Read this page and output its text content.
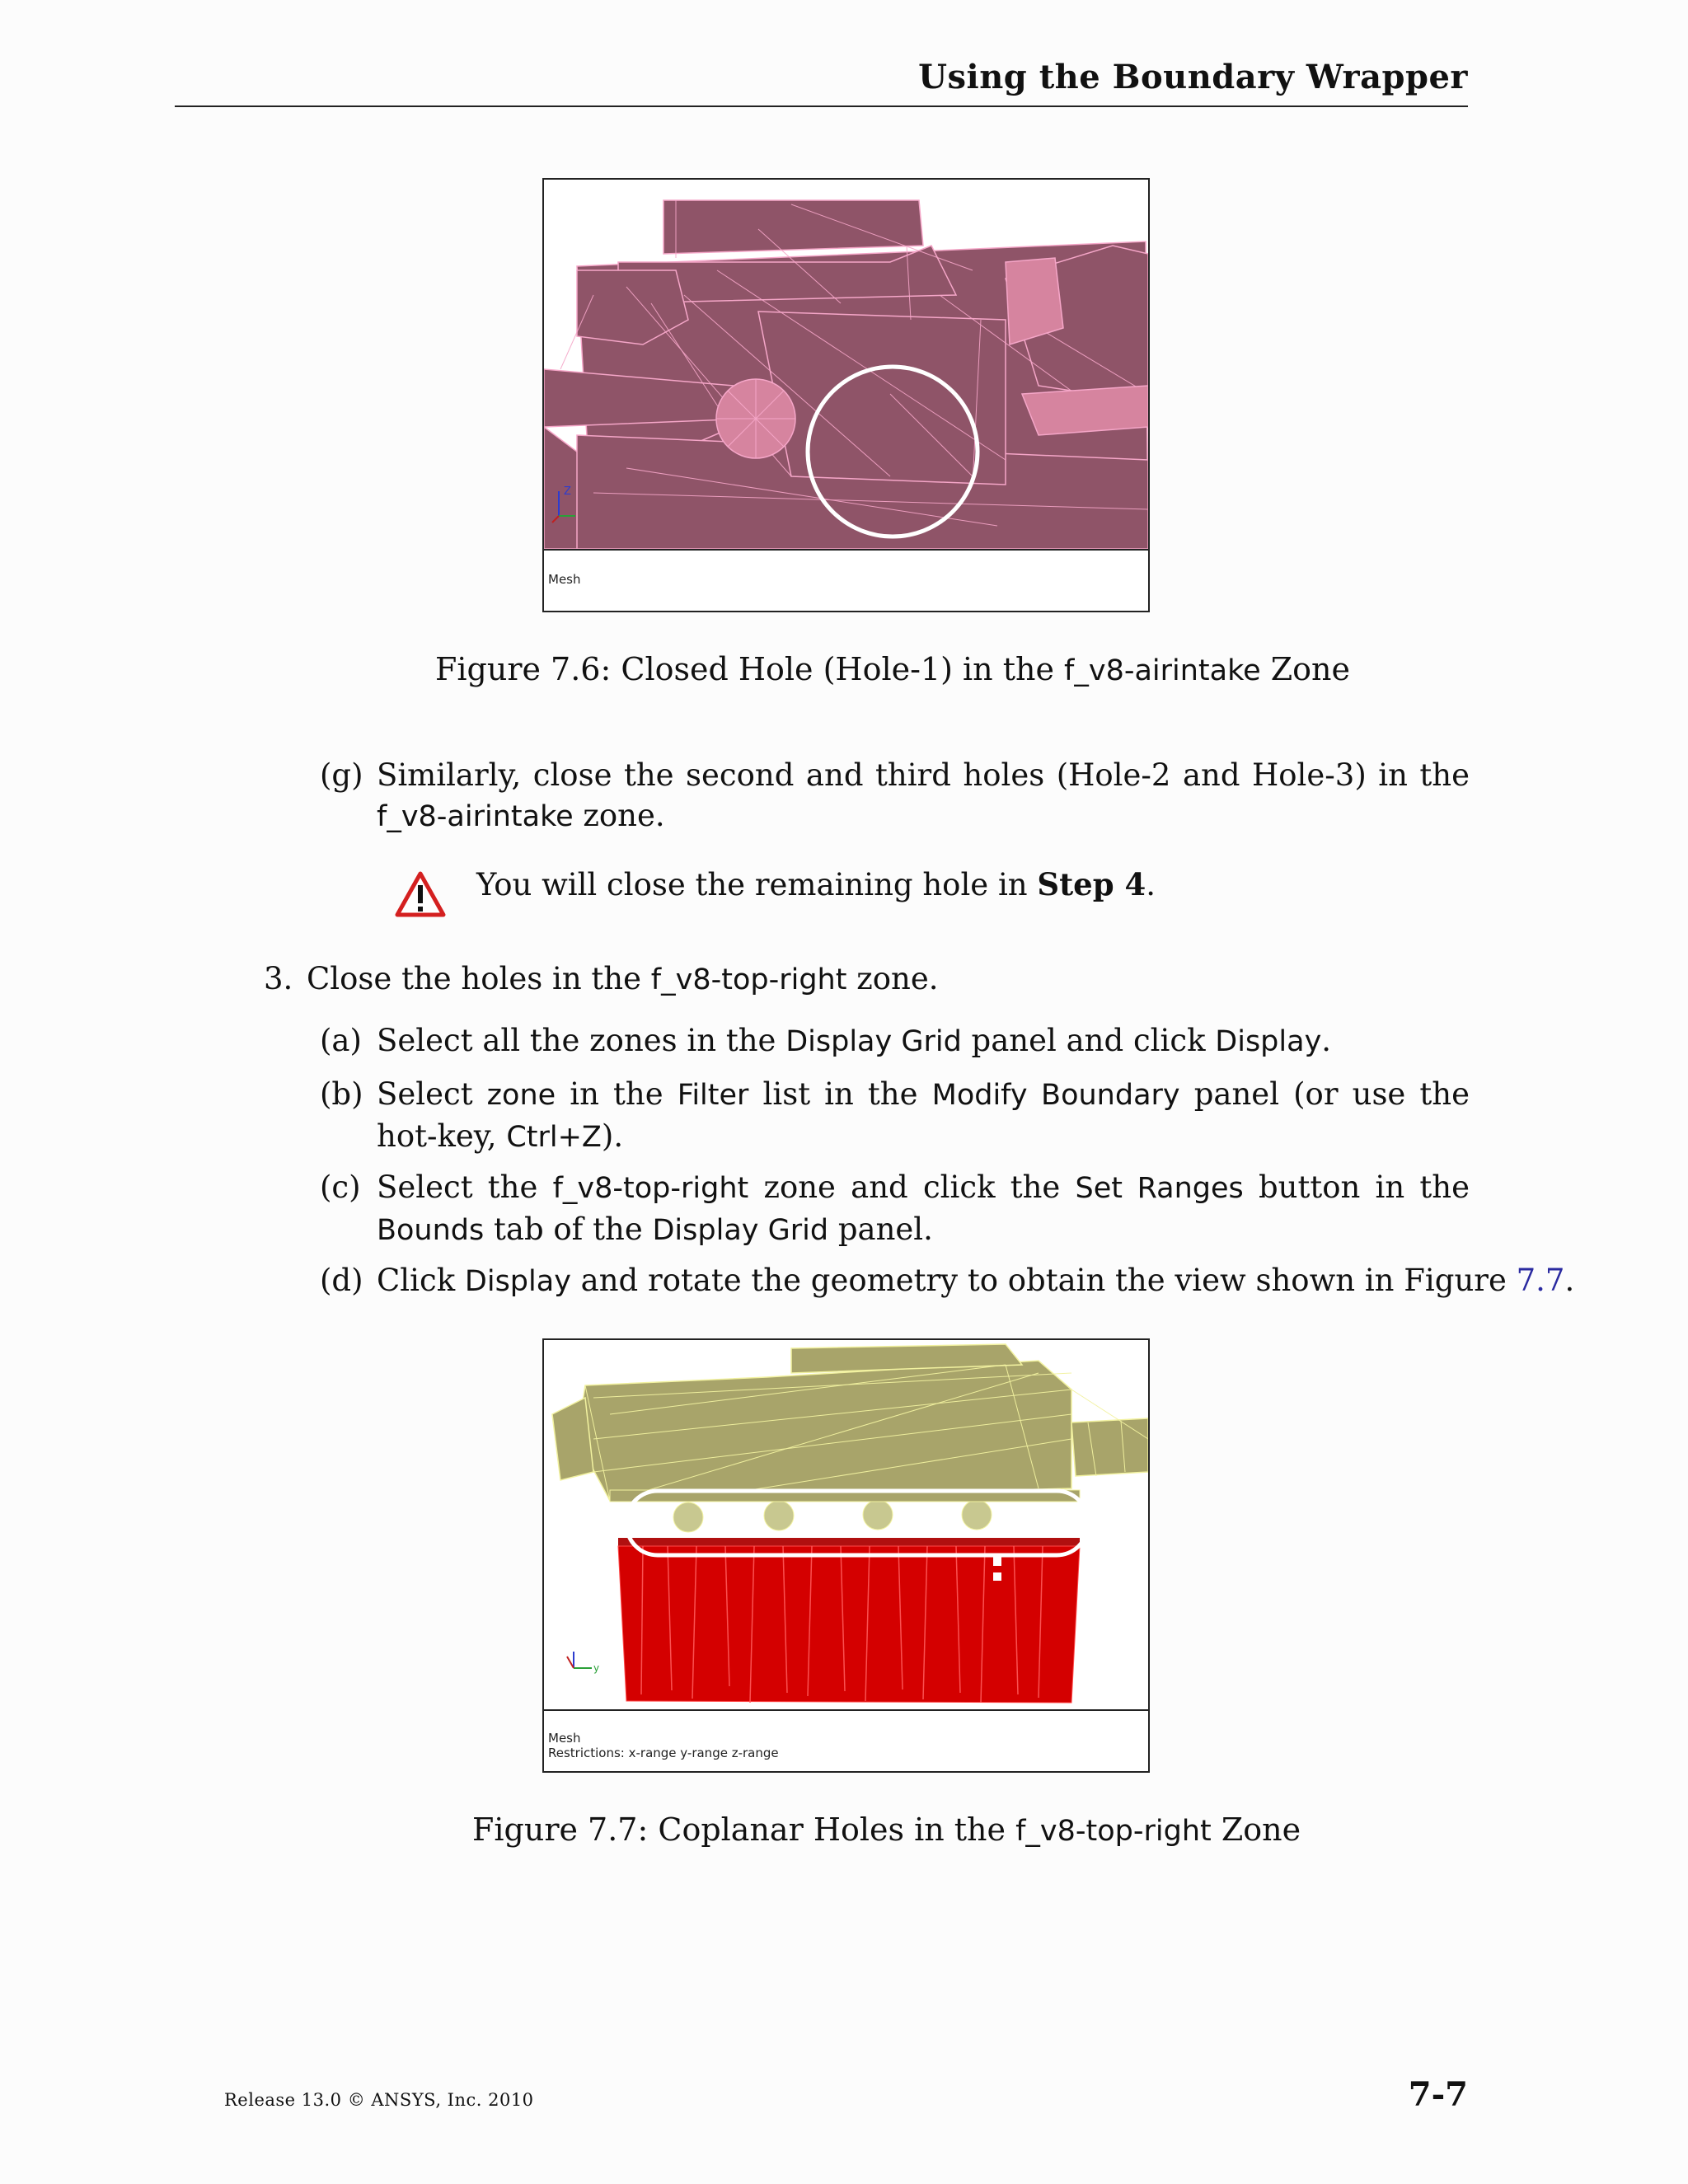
Using the Boundary Wrapper
Z
Mesh
Figure 7.6: Closed Hole (Hole-1) in the f_v8-airintake Zone
(g) Similarly, close the second and third holes (Hole-2 and Hole-3) in the f_v8-airintake zone.
You will close the remaining hole in Step 4.
3. Close the holes in the f_v8-top-right zone.
(a) Select all the zones in the Display Grid panel and click Display.
(b) Select zone in the Filter list in the Modify Boundary panel (or use the hot-key, Ctrl+Z).
(c) Select the f_v8-top-right zone and click the Set Ranges button in the Bounds tab of the Display Grid panel.
(d) Click Display and rotate the geometry to obtain the view shown in Figure 7.7.
y
Mesh
Restrictions: x-range y-range z-range
Figure 7.7: Coplanar Holes in the f_v8-top-right Zone
Release 13.0 © ANSYS, Inc. 2010	7-7
